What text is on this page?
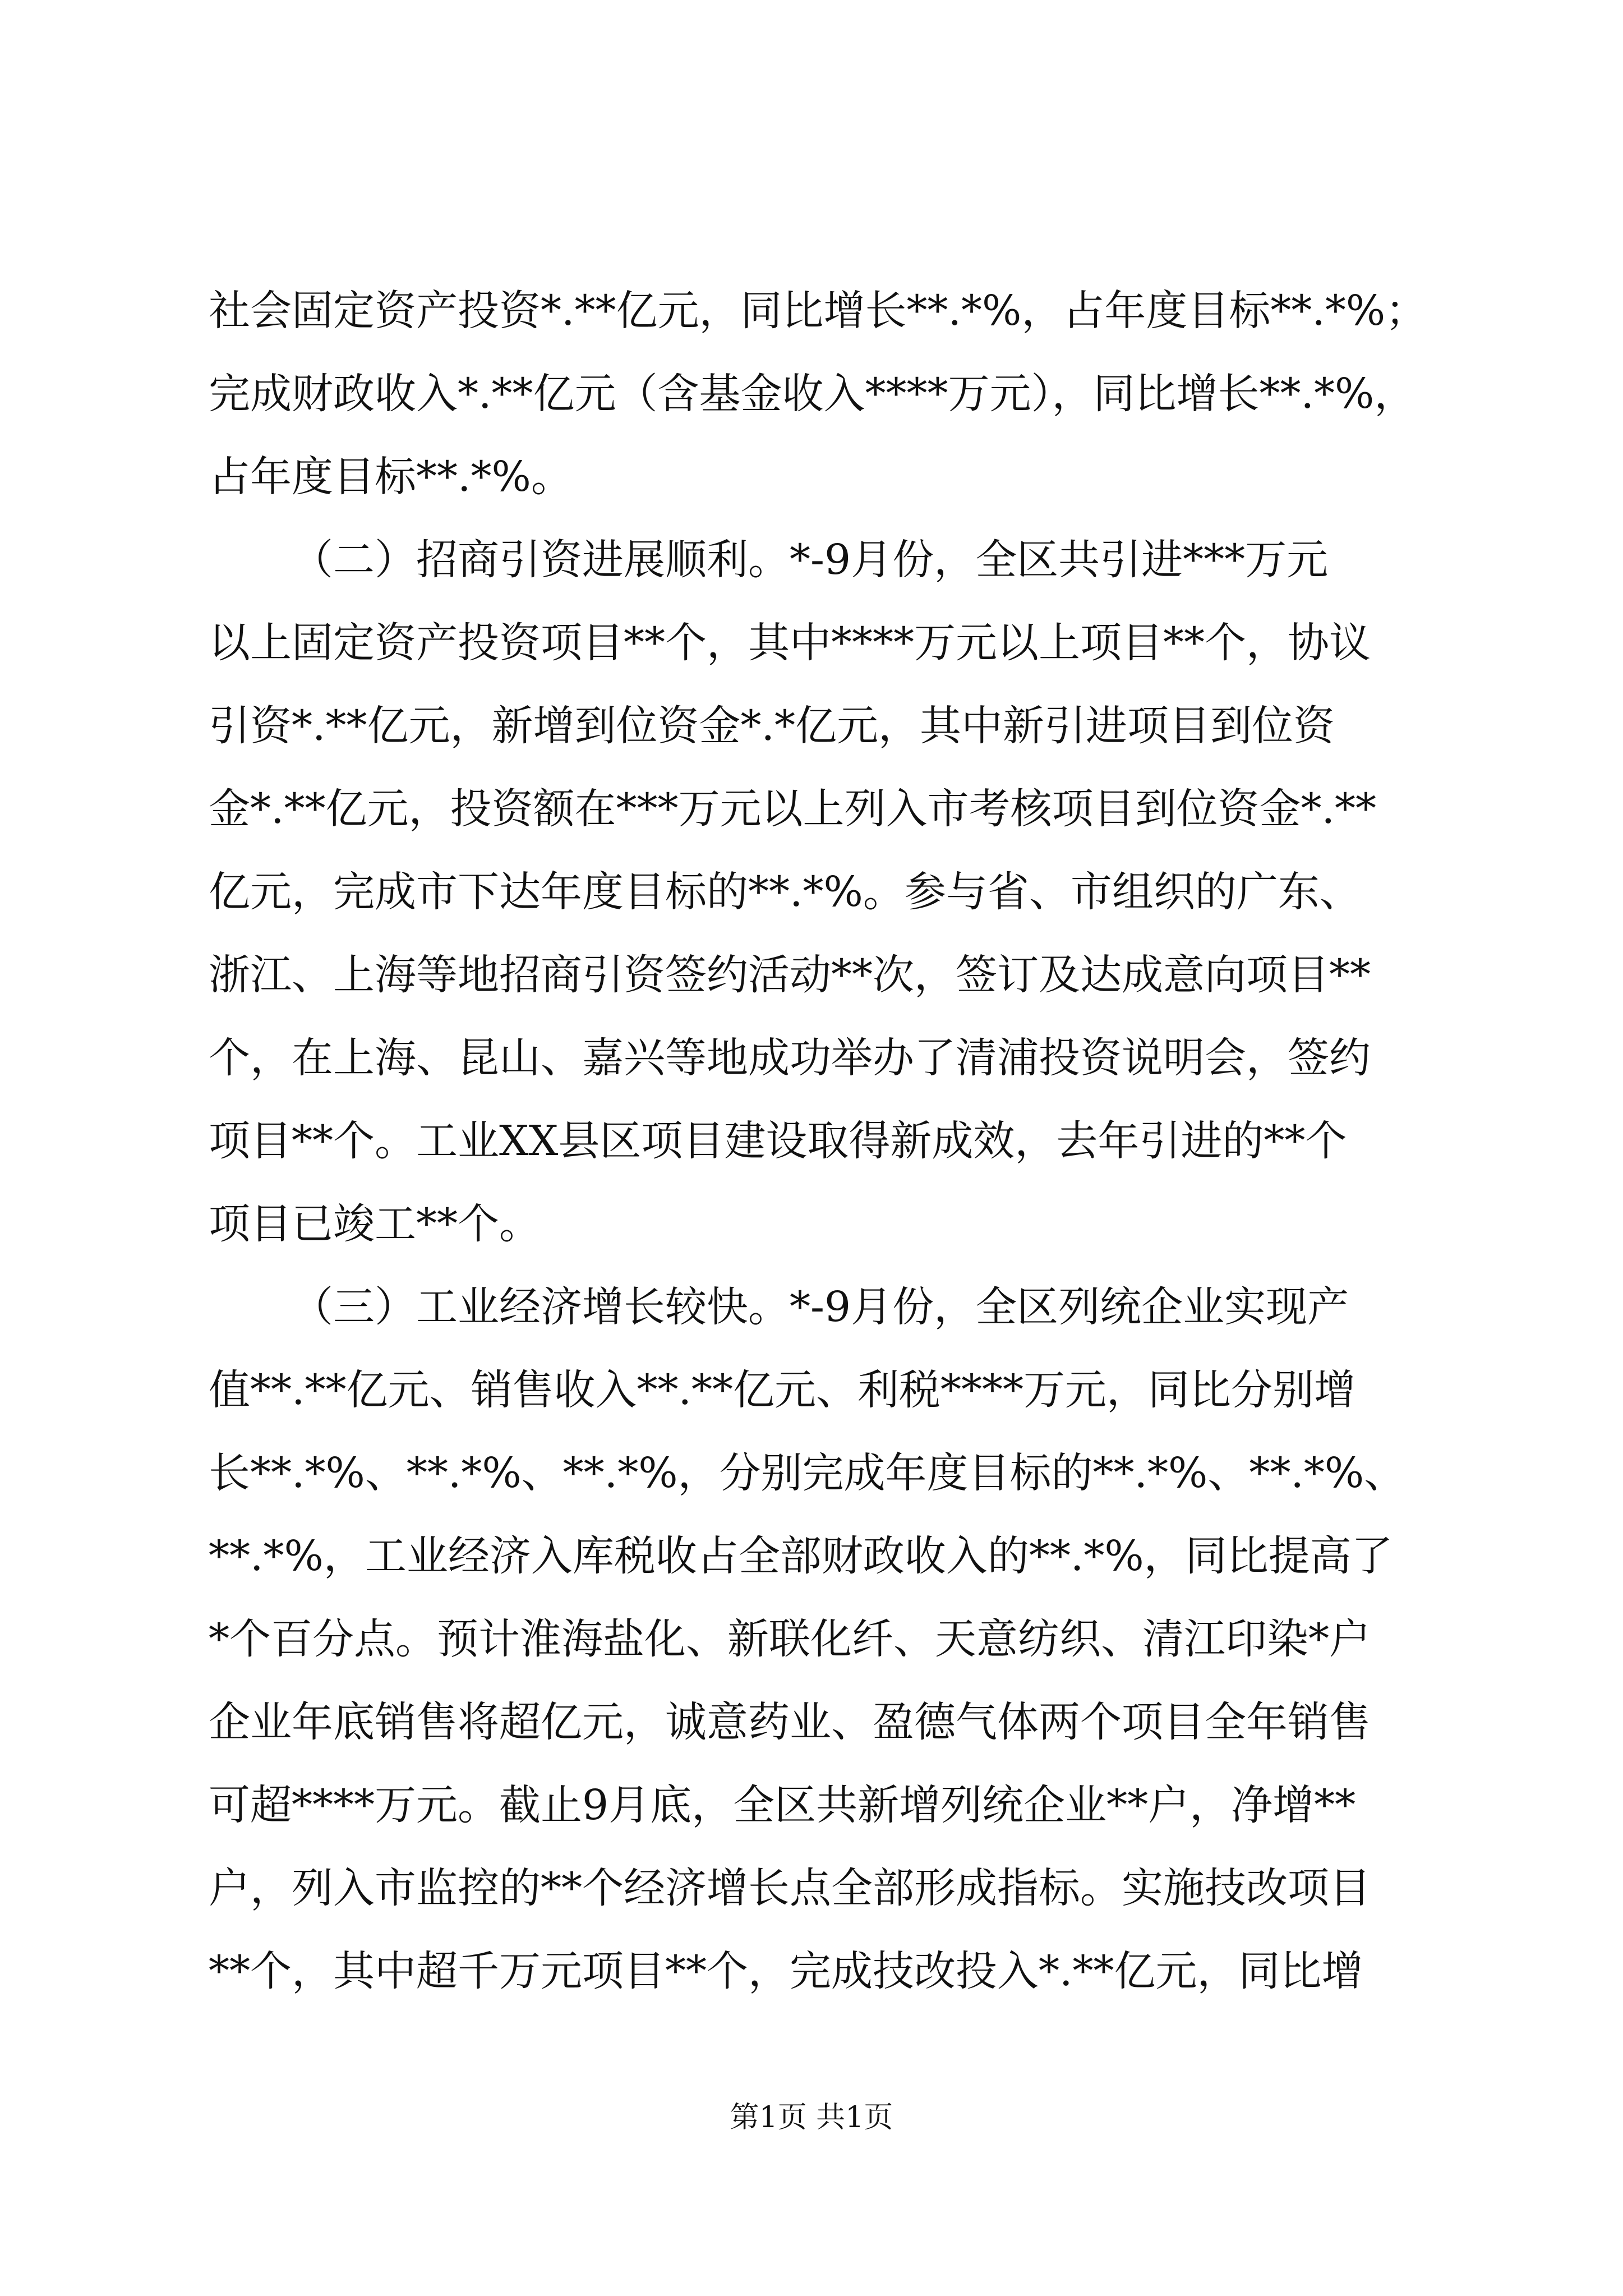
社会固定资产投资*.**亿元，同比增长**.*%，占年度目标**.*%；

完成财政收入*.**亿元（含基金收入****万元），同比增长**.*%，

占年度目标**.*%。

（二）招商引资进展顺利。*-9月份，全区共引进***万元

以上固定资产投资项目**个，其中****万元以上项目**个，协议

引资*.**亿元，新增到位资金*.*亿元，其中新引进项目到位资

金*.**亿元，投资额在***万元以上列入市考核项目到位资金*.**

亿元，完成市下达年度目标的**.*%。参与省、市组织的广东、

浙江、上海等地招商引资签约活动**次，签订及达成意向项目**

个，在上海、昆山、嘉兴等地成功举办了清浦投资说明会，签约

项目**个。工业XX县区项目建设取得新成效，去年引进的**个

项目已竣工**个。

（三）工业经济增长较快。*-9月份，全区列统企业实现产

值**.**亿元、销售收入**.**亿元、利税****万元，同比分别增

长**.*%、**.*%、**.*%，分别完成年度目标的**.*%、**.*%、

**.*%，工业经济入库税收占全部财政收入的**.*%，同比提高了

*个百分点。预计淮海盐化、新联化纤、天意纺织、清江印染*户

企业年底销售将超亿元，诚意药业、盈德气体两个项目全年销售

可超****万元。截止9月底，全区共新增列统企业**户，净增**

户，列入市监控的**个经济增长点全部形成指标。实施技改项目

**个，其中超千万元项目**个，完成技改投入*.**亿元，同比增

第1页 共1页
